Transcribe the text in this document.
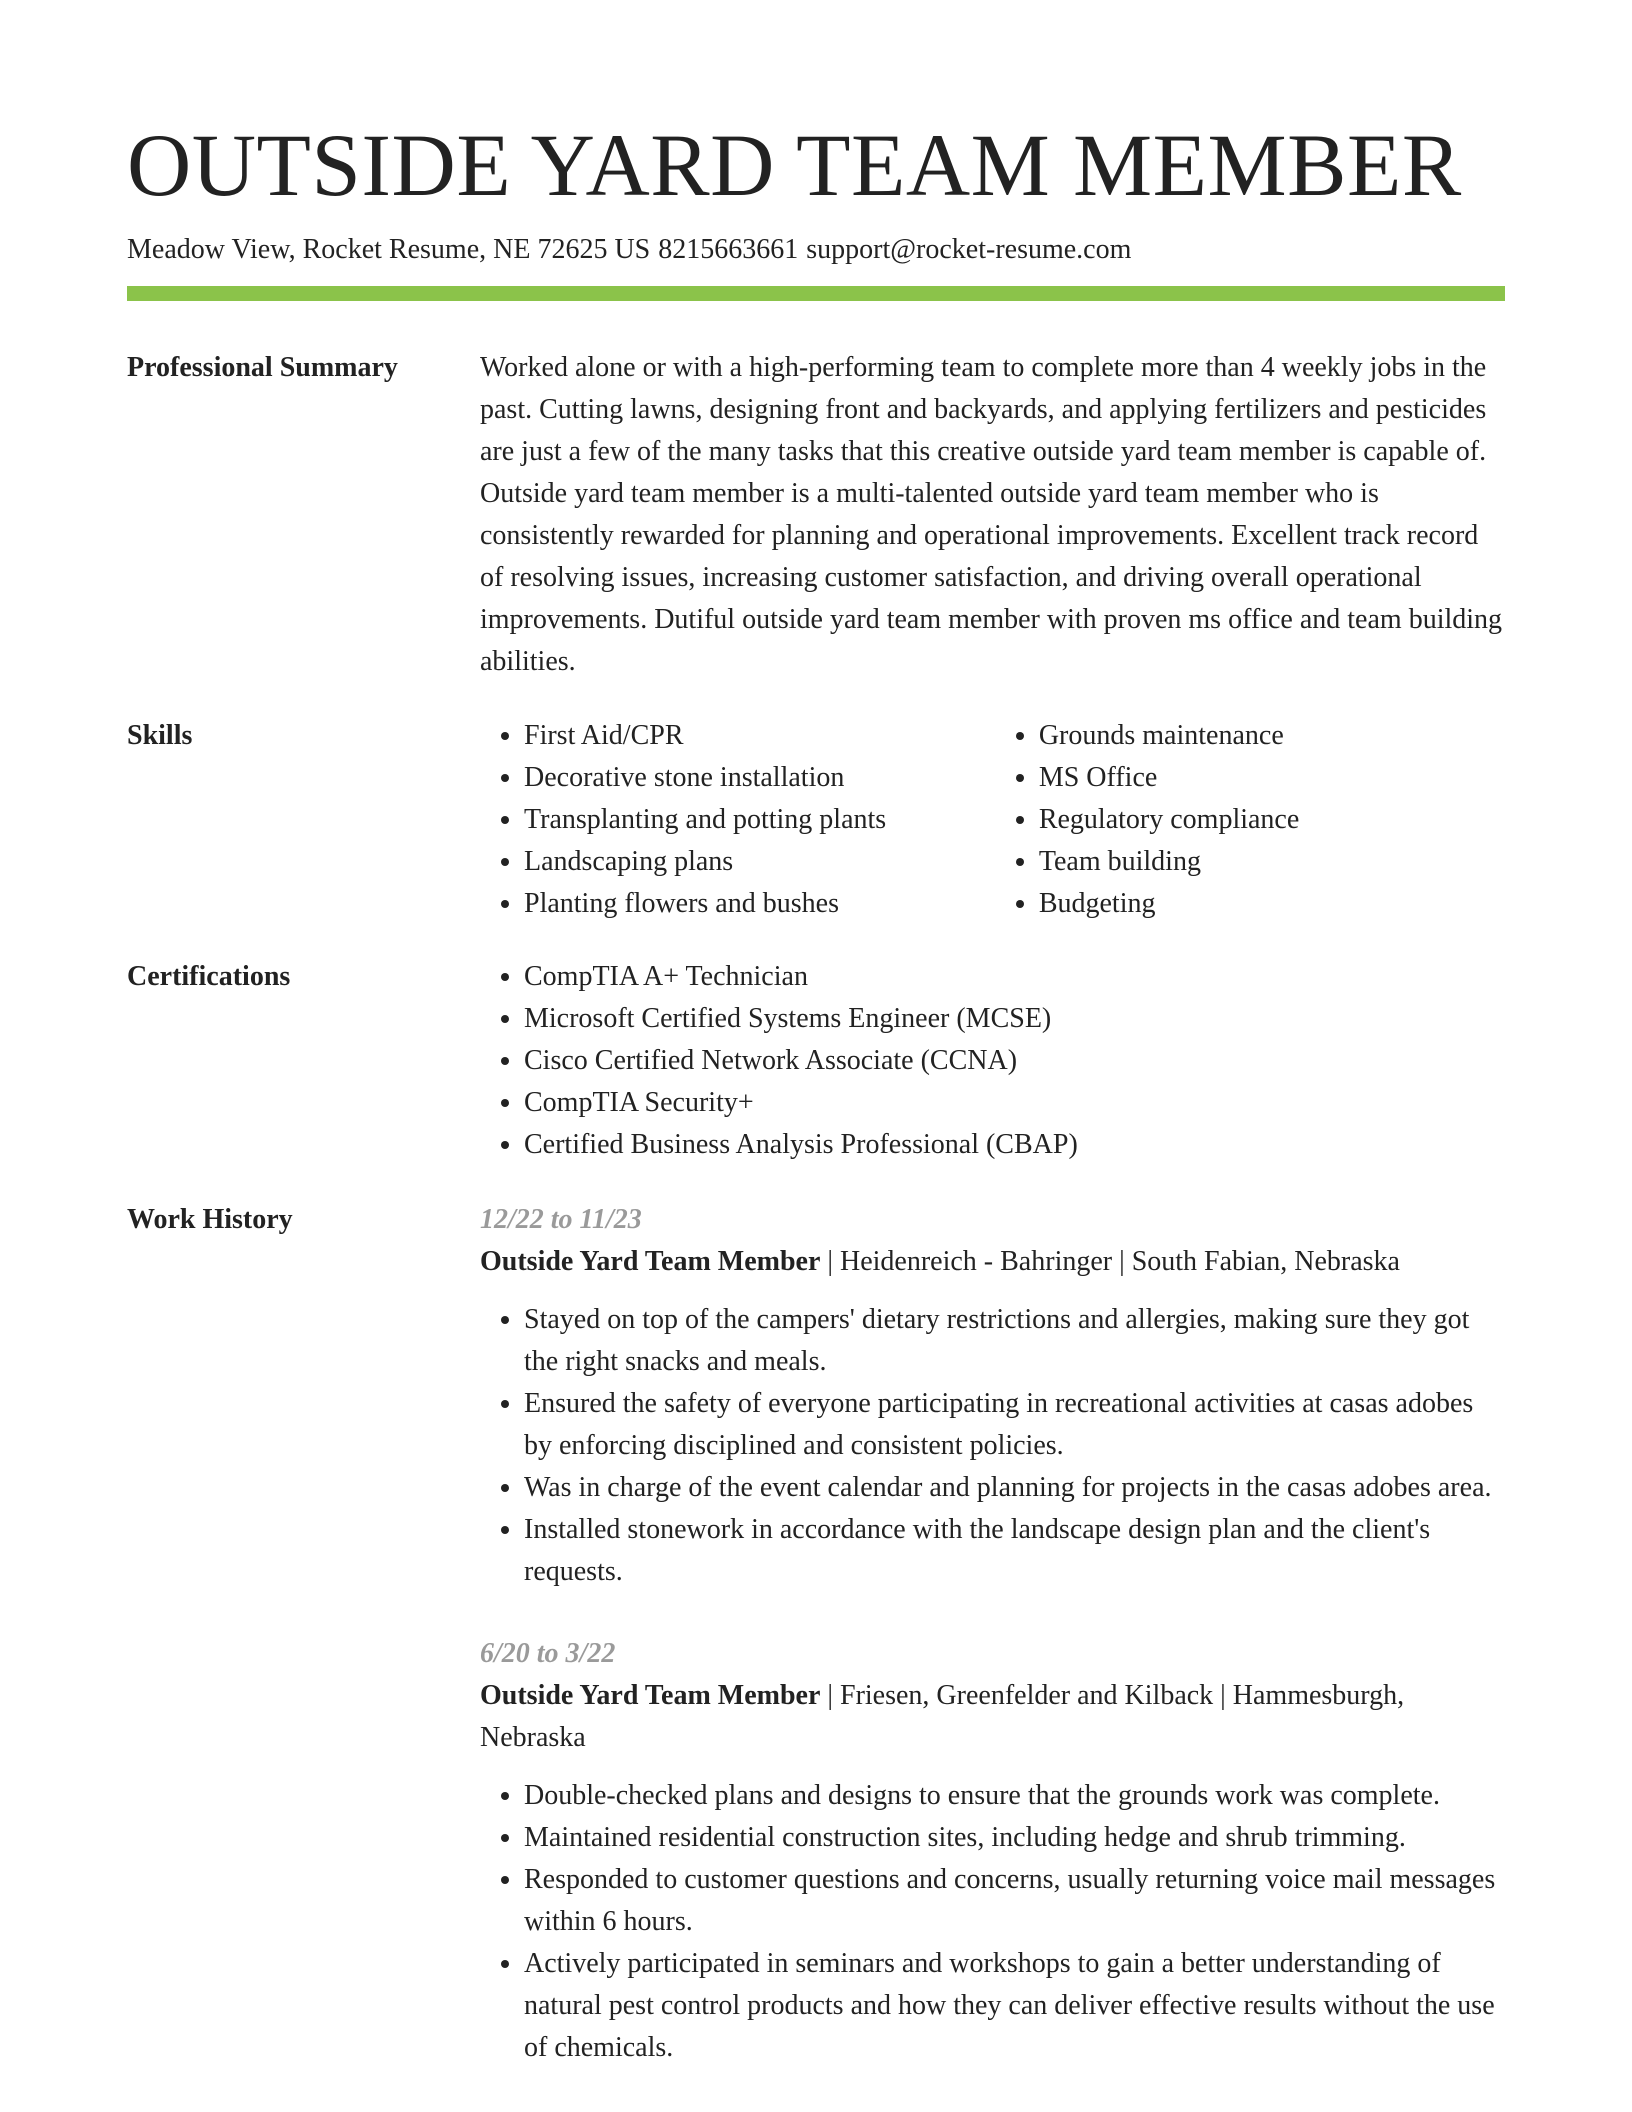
OUTSIDE YARD TEAM MEMBER
Meadow View, Rocket Resume, NE 72625 US 8215663661 support@rocket-resume.com
Professional Summary	Worked alone or with a high-performing team to complete more than 4 weekly jobs in the past. Cutting lawns, designing front and backyards, and applying fertilizers and pesticides are just a few of the many tasks that this creative outside yard team member is capable of. Outside yard team member is a multi-talented outside yard team member who is consistently rewarded for planning and operational improvements. Excellent track record of resolving issues, increasing customer satisfaction, and driving overall operational improvements. Dutiful outside yard team member with proven ms office and team building abilities.

Skills	• First Aid/CPR
• Decorative stone installation
• Transplanting and potting plants
• Landscaping plans
• Planting flowers and bushes
• Grounds maintenance
• MS Office
• Regulatory compliance
• Team building
• Budgeting
Certifications	• CompTIA A+ Technician
• Microsoft Certified Systems Engineer (MCSE)
• Cisco Certified Network Associate (CCNA)
• CompTIA Security+
• Certified Business Analysis Professional (CBAP)
Work History	12/22 to 11/23
Outside Yard Team Member | Heidenreich - Bahringer | South Fabian, Nebraska
• Stayed on top of the campers' dietary restrictions and allergies, making sure they got the right snacks and meals.
• Ensured the safety of everyone participating in recreational activities at casas adobes by enforcing disciplined and consistent policies.
• Was in charge of the event calendar and planning for projects in the casas adobes area.
• Installed stonework in accordance with the landscape design plan and the client's requests.
6/20 to 3/22
Outside Yard Team Member | Friesen, Greenfelder and Kilback | Hammesburgh, Nebraska
• Double-checked plans and designs to ensure that the grounds work was complete.
• Maintained residential construction sites, including hedge and shrub trimming.
• Responded to customer questions and concerns, usually returning voice mail messages within 6 hours.
• Actively participated in seminars and workshops to gain a better understanding of natural pest control products and how they can deliver effective results without the use of chemicals.
